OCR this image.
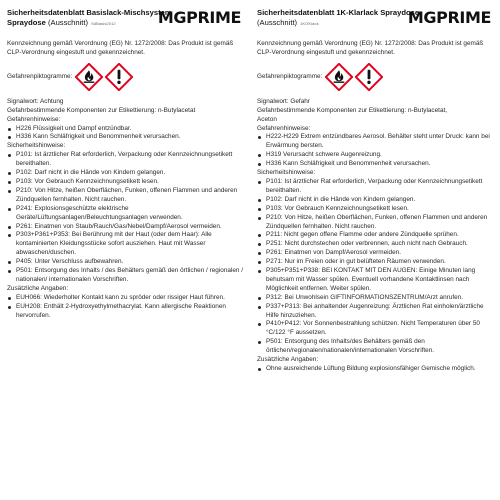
Sicherheitsdatenblatt Basislack-Mischsystem
Spraydose (Ausschnitt) SdBasis2012	MGPRIME
Kennzeichnung gemäß Verordnung (EG) Nr. 1272/2008: Das Produkt ist gemäß CLP-Verordnung eingestuft und gekennzeichnet.
Gefahrenpiktogramme:
Signalwort: Achtung
Gefahrbestimmende Komponenten zur Etikettierung: n-Butylacetat
Gefahrenhinweise:
H226 Flüssigkeit und Dampf entzündbar.
H336 Kann Schläfrigkeit und Benommenheit verursachen.
Sicherheitshinweise:
P101: Ist ärztlicher Rat erforderlich, Verpackung oder Kennzeichnungsetikett bereithalten.
P102: Darf nicht in die Hände von Kindern gelangen.
P103: Vor Gebrauch Kennzeichnungsetikett lesen.
P210: Von Hitze, heißen Oberflächen, Funken, offenen Flammen und anderen Zündquellen fernhalten. Nicht rauchen.
P241: Explosionsgeschützte elektrische Geräte/Lüftungsanlagen/Beleuchtungsanlagen verwenden.
P261: Einatmen von Staub/Rauch/Gas/Nebel/Dampf/Aerosol vermeiden.
P303+P361+P353: Bei Berührung mit der Haut (oder dem Haar): Alle kontaminierten Kleidungsstücke sofort ausziehen. Haut mit Wasser abwaschen/duschen.
P405: Unter Verschluss aufbewahren.
P501: Entsorgung des Inhalts / des Behälters gemäß den örtlichen / regionalen / nationalen/ internationalen Vorschriften.
Zusätzliche Angaben:
EUH066: Wiederholter Kontakt kann zu spröder oder rissiger Haut führen.
EUH208: Enthält 2-Hydroxyethylmethacrylat. Kann allergische Reaktionen hervorrufen.
Sicherheitsdatenblatt 1K-Klarlack Spraydose
(Ausschnitt) 1KOKlack	MGPRIME
Kennzeichnung gemäß Verordnung (EG) Nr. 1272/2008: Das Produkt ist gemäß CLP-Verordnung eingestuft und gekennzeichnet.
Gefahrenpiktogramme:
Signalwort: Gefahr
Gefahrbestimmende Komponenten zur Etikettierung: n-Butylacetat,
Aceton
Gefahrenhinweise:
H222-H229 Extrem entzündbares Aerosol. Behälter steht unter Druck: kann bei Erwärmung bersten.
H319 Verursacht schwere Augenreizung.
H336 Kann Schläfrigkeit und Benommenheit verursachen.
Sicherheitshinweise:
P101: Ist ärztlicher Rat erforderlich, Verpackung oder Kennzeichnungsetikett bereithalten.
P102: Darf nicht in die Hände von Kindern gelangen.
P103: Vor Gebrauch Kennzeichnungsetikett lesen.
P210: Von Hitze, heißen Oberflächen, Funken, offenen Flammen und anderen Zündquellen fernhalten. Nicht rauchen.
P211: Nicht gegen offene Flamme oder andere Zündquelle sprühen.
P251: Nicht durchstechen oder verbrennen, auch nicht nach Gebrauch.
P261: Einatmen von Dampf/Aerosol vermeiden.
P271: Nur im Freien oder in gut belüfteten Räumen verwenden.
P305+P351+P338: BEI KONTAKT MIT DEN AUGEN: Einige Minuten lang behutsam mit Wasser spülen. Eventuell vorhandene Kontaktlinsen nach Möglichkeit entfernen. Weiter spülen.
P312: Bei Unwohlsein GIFTINFORMATIONSZENTRUM/Arzt anrufen.
P337+P313: Bei anhaltender Augenreizung: Ärztlichen Rat einholen/ärztliche Hilfe hinzuziehen.
P410+P412: Vor Sonnenbestrahlung schützen. Nicht Temperaturen über 50 °C/122 °F aussetzen.
P501: Entsorgung des Inhalts/des Behälters gemäß den örtlichen/regionalen/nationalen/internationalen Vorschriften.
Zusätzliche Angaben:
Ohne ausreichende Lüftung Bildung explosionsfähiger Gemische möglich.
